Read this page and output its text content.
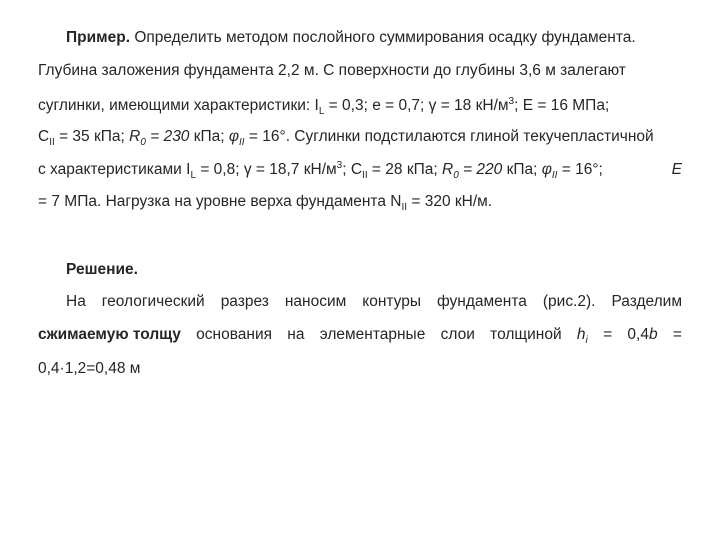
Пример. Определить методом послойного суммирования осадку фундамента.
Глубина заложения фундамента 2,2 м. С поверхности до глубины 3,6 м залегают
суглинки, имеющими характеристики: $I_L = 0,3$; e = 0,7; γ = 18 $кН/м^3$; E = 16 МПа;
$C_{II} = 35$ кПа; $R_0 = 230$ кПа; $\varphi_{II} = 16^\circ$. Суглинки подстилаются глиной текучепластичной
с характеристиками $I_L = 0,8$; γ = 18,7 $кН/м^3$; $C_{II} = 28$ кПа; $R_0 = 220$ кПа; $\varphi_{II} = 16^\circ$;	E
= 7 МПа. Нагрузка на уровне верха фундамента $N_{II} = 320$ кН/м.
Решение.
На геологический разрез наносим контуры фундамента (рис.2). Разделим
сжимаемую толщу основания на элементарные слои толщиной $h_i = 0,4b$ =
0,4·1,2=0,48 м
